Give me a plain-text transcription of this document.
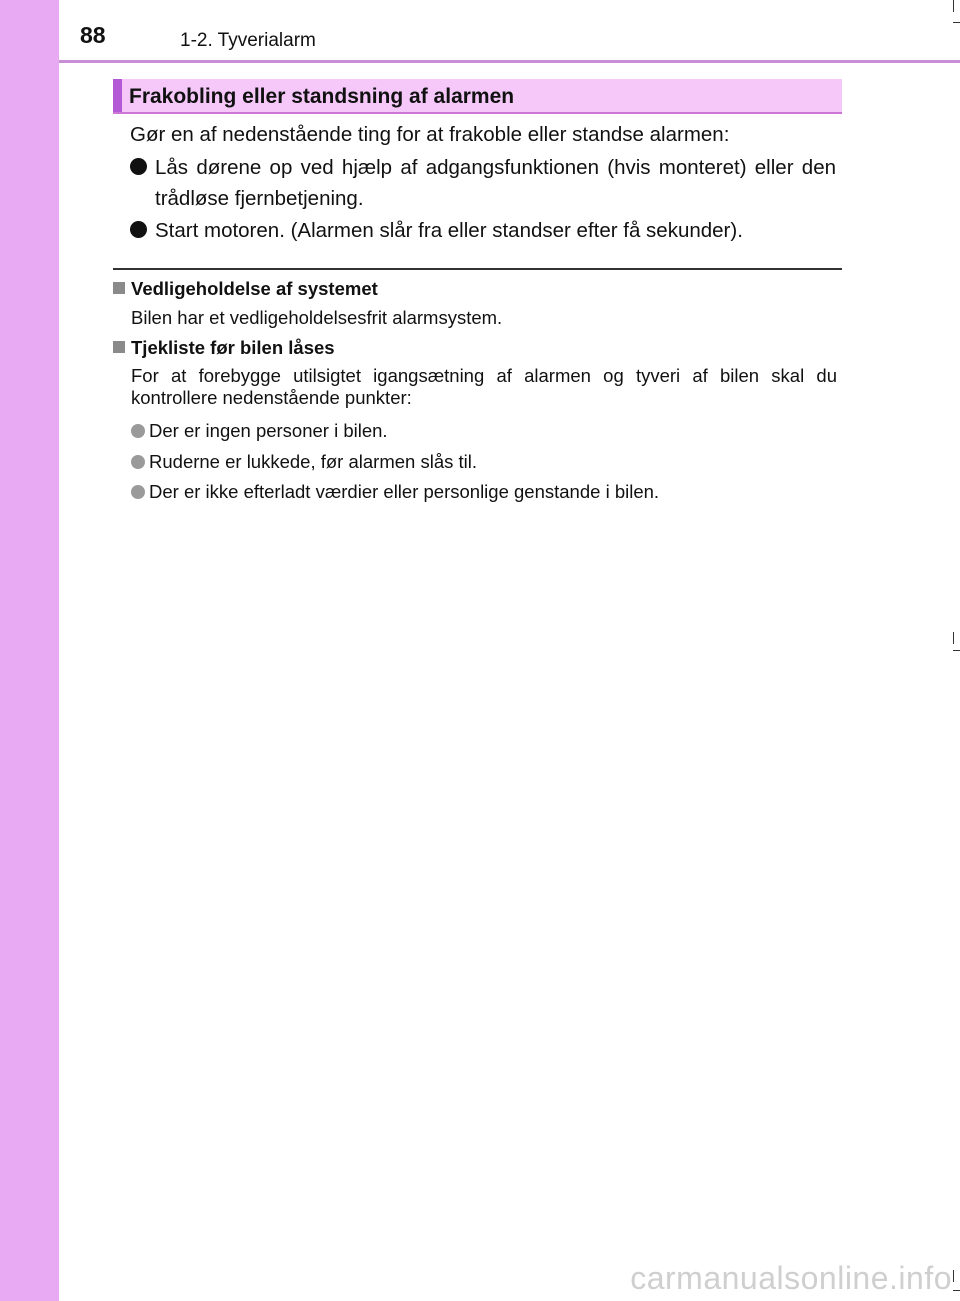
88	1-2. Tyverialarm
Frakobling eller standsning af alarmen
Gør en af nedenstående ting for at frakoble eller standse alarmen:
Lås dørene op ved hjælp af adgangsfunktionen (hvis monteret) eller den trådløse fjernbetjening.
Start motoren. (Alarmen slår fra eller standser efter få sekunder).
Vedligeholdelse af systemet
Bilen har et vedligeholdelsesfrit alarmsystem.
Tjekliste før bilen låses
For at forebygge utilsigtet igangsætning af alarmen og tyveri af bilen skal du kontrollere nedenstående punkter:
Der er ingen personer i bilen.
Ruderne er lukkede, før alarmen slås til.
Der er ikke efterladt værdier eller personlige genstande i bilen.
carmanualsonline.info
